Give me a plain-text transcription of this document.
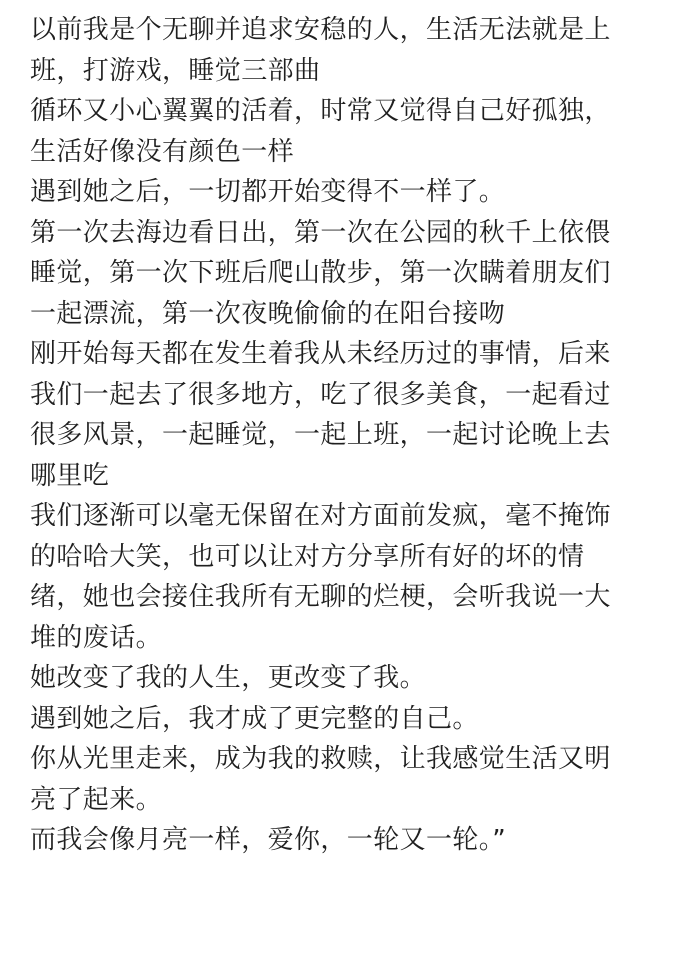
以前我是个无聊并追求安稳的人，生活无法就是上
班，打游戏，睡觉三部曲
循环又小心翼翼的活着，时常又觉得自己好孤独，
生活好像没有颜色一样
遇到她之后，一切都开始变得不一样了。
第一次去海边看日出，第一次在公园的秋千上依偎
睡觉，第一次下班后爬山散步，第一次瞒着朋友们
一起漂流，第一次夜晚偷偷的在阳台接吻
刚开始每天都在发生着我从未经历过的事情，后来
我们一起去了很多地方，吃了很多美食，一起看过
很多风景，一起睡觉，一起上班，一起讨论晚上去
哪里吃
我们逐渐可以毫无保留在对方面前发疯，毫不掩饰
的哈哈大笑，也可以让对方分享所有好的坏的情
绪，她也会接住我所有无聊的烂梗，会听我说一大
堆的废话。
她改变了我的人生，更改变了我。
遇到她之后，我才成了更完整的自己。
你从光里走来，成为我的救赎，让我感觉生活又明
亮了起来。
而我会像月亮一样，爱你，一轮又一轮。”
